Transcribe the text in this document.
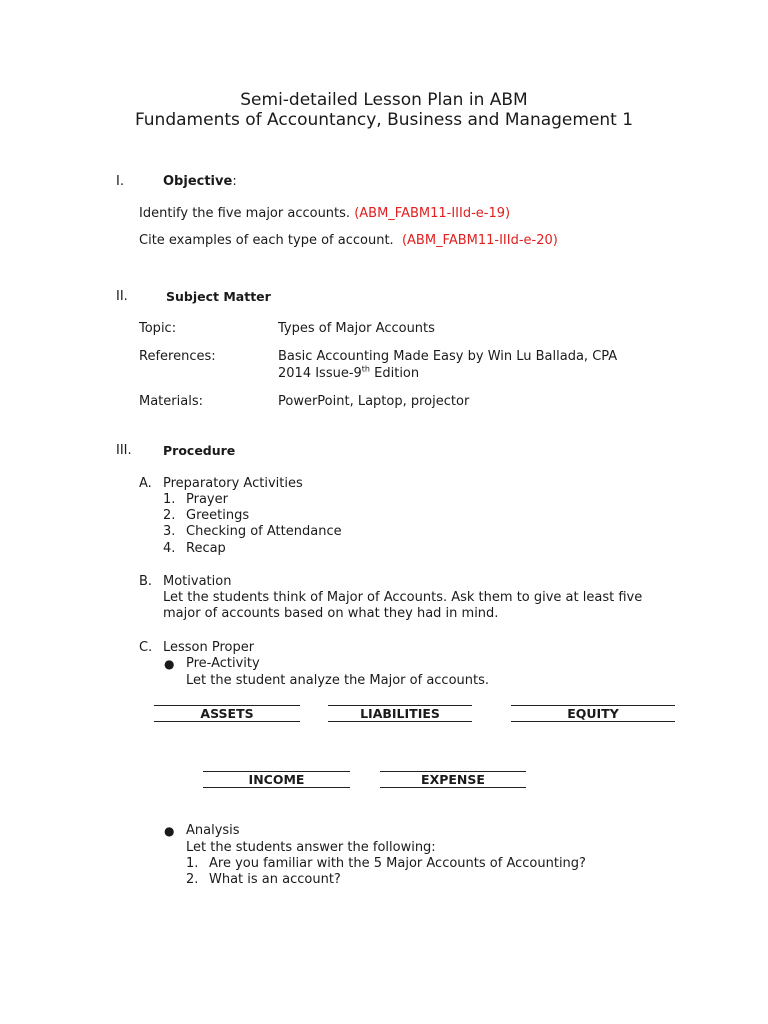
Semi-detailed Lesson Plan in ABM
Fundaments of Accountancy, Business and Management 1
I.	Objective:
Identify the five major accounts. (ABM_FABM11-IIId-e-19)
Cite examples of each type of account. (ABM_FABM11-IIId-e-20)
II.	Subject Matter
Topic:	Types of Major Accounts
References:	Basic Accounting Made Easy by Win Lu Ballada, CPA
2014 Issue-9th Edition
Materials:	PowerPoint, Laptop, projector
III.	Procedure
A. Preparatory Activities
1. Prayer
2. Greetings
3. Checking of Attendance
4. Recap
B. Motivation
Let the students think of Major of Accounts. Ask them to give at least five
major of accounts based on what they had in mind.
C. Lesson Proper
● Pre-Activity
Let the student analyze the Major of accounts.
ASSETS	LIABILITIES	EQUITY
INCOME	EXPENSE
● Analysis
Let the students answer the following:
1. Are you familiar with the 5 Major Accounts of Accounting?
2. What is an account?
